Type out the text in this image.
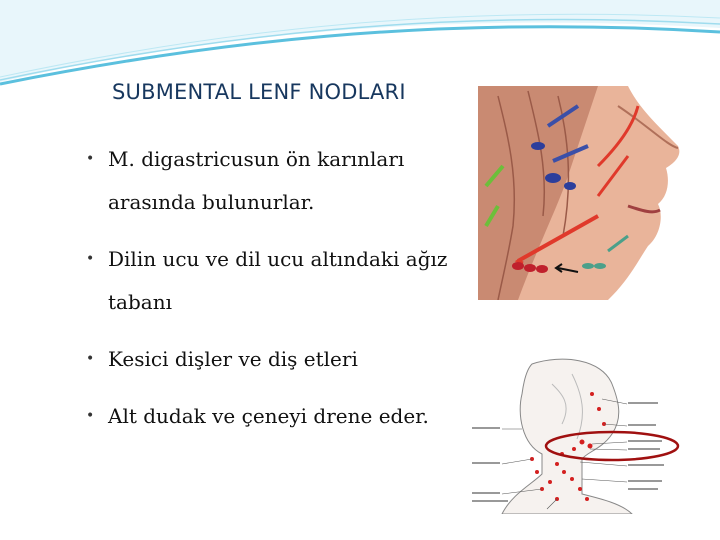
SUBMENTAL LENF NODLARI
• M. digastricusun ön karınları arasında bulunurlar.
• Dilin ucu ve dil ucu altındaki ağız tabanı
• Kesici dişler ve diş etleri
• Alt dudak ve çeneyi drene eder.
